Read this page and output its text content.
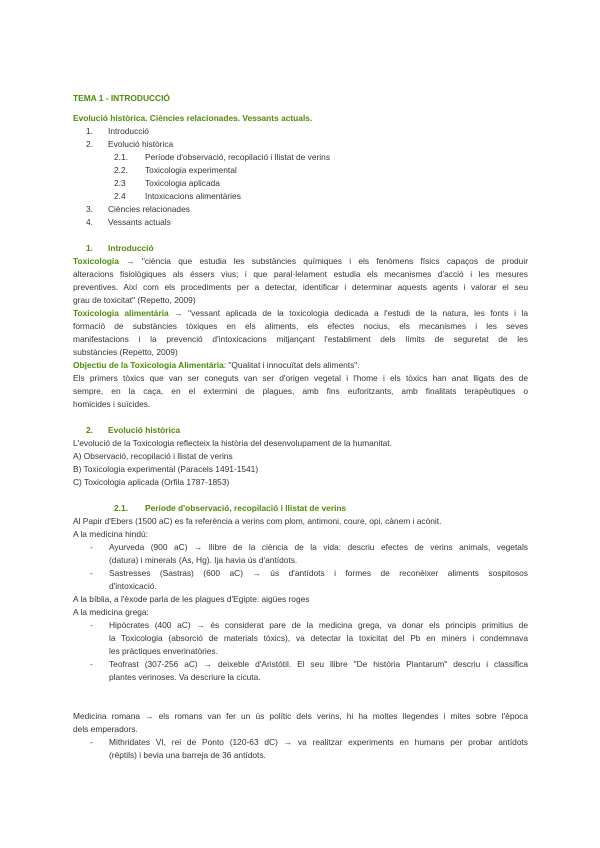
TEMA 1 - INTRODUCCIÓ
Evolució històrica. Ciències relacionades. Vessants actuals.
1. Introducció
2. Evolució històrica
2.1. Període d'observació, recopilació i llistat de verins
2.2. Toxicologia experimental
2.3 Toxicologia aplicada
2.4 Intoxicacions alimentàries
3. Ciències relacionades
4. Vessants actuals
1. Introducció
Toxicologia → "ciència que estudia les substàncies químiques i els fenòmens físics capaços de produir
alteracions fisiològiques als éssers vius; i que paral·lelament estudia els mecanismes d'acció i les mesures
preventives. Així com els procediments per a detectar, identificar i determinar aquests agents i valorar el seu
grau de toxicitat" (Repetto, 2009)
Toxicologia alimentària → "vessant aplicada de la toxicologia dedicada a l'estudi de la natura, les fonts i la
formació de substàncies tòxiques en els aliments, els efectes nocius, els mecanismes i les seves
manifestacions i la prevenció d'intoxicacions mitjançant l'establiment dels límits de seguretat de les
substàncies (Repetto, 2009)
Objectiu de la Toxicologia Alimentària: "Qualitat i innocuïtat dels aliments".
Els primers tòxics que van ser coneguts van ser d'origen vegetal i l'home i els tòxics han anat lligats des de
sempre, en la caça, en el extermini de plagues, amb fins euforitzants, amb finalitats terapèutiques o
homicides i suïcides.
2. Evolució històrica
L'evolució de la Toxicologia reflecteix la història del desenvolupament de la humanitat.
A) Observació, recopilació i llistat de verins
B) Toxicologia experimental (Paracels 1491-1541)
C) Toxicologia aplicada (Orfila 1787-1853)
2.1. Període d'observació, recopilació i llistat de verins
Al Papir d'Ebers (1500 aC) es fa referència a verins com plom, antimoni, coure, opi, cànem i acònit.
A la medicina hindú:
- Ayurveda (900 aC) → llibre de la ciència de la vida: descriu efectes de verins animals, vegetals
(datura) i minerals (As, Hg). Ija havia ús d'antídots.
- Sastresses (Sastras) (600 aC) → ús d'antídots i formes de reconèixer aliments sospitosos
d'intoxicació.
A la bíblia, a l'èxode parla de les plagues d'Egipte: aigües roges
A la medicina grega:
- Hipòcrates (400 aC) → és considerat pare de la medicina grega, va donar els principis primitius de
la Toxicologia (absorció de materials tòxics), va detectar la toxicitat del Pb en miners i condemnava
les pràctiques enverinatòries.
- Teofrast (307-256 aC) → deixeble d'Aristòtil. El seu llibre "De història Plantarum" descriu i classifica
plantes verinoses. Va descriure la cicuta.
Medicina romana → els romans van fer un ús polític dels verins, hi ha moltes llegendes i mites sobre l'època
dels emperadors.
- Mithridates VI, rei de Ponto (120-63 dC) → va realitzar experiments en humans per probar antídots
(rèptils) i bevia una barreja de 36 antídots.
